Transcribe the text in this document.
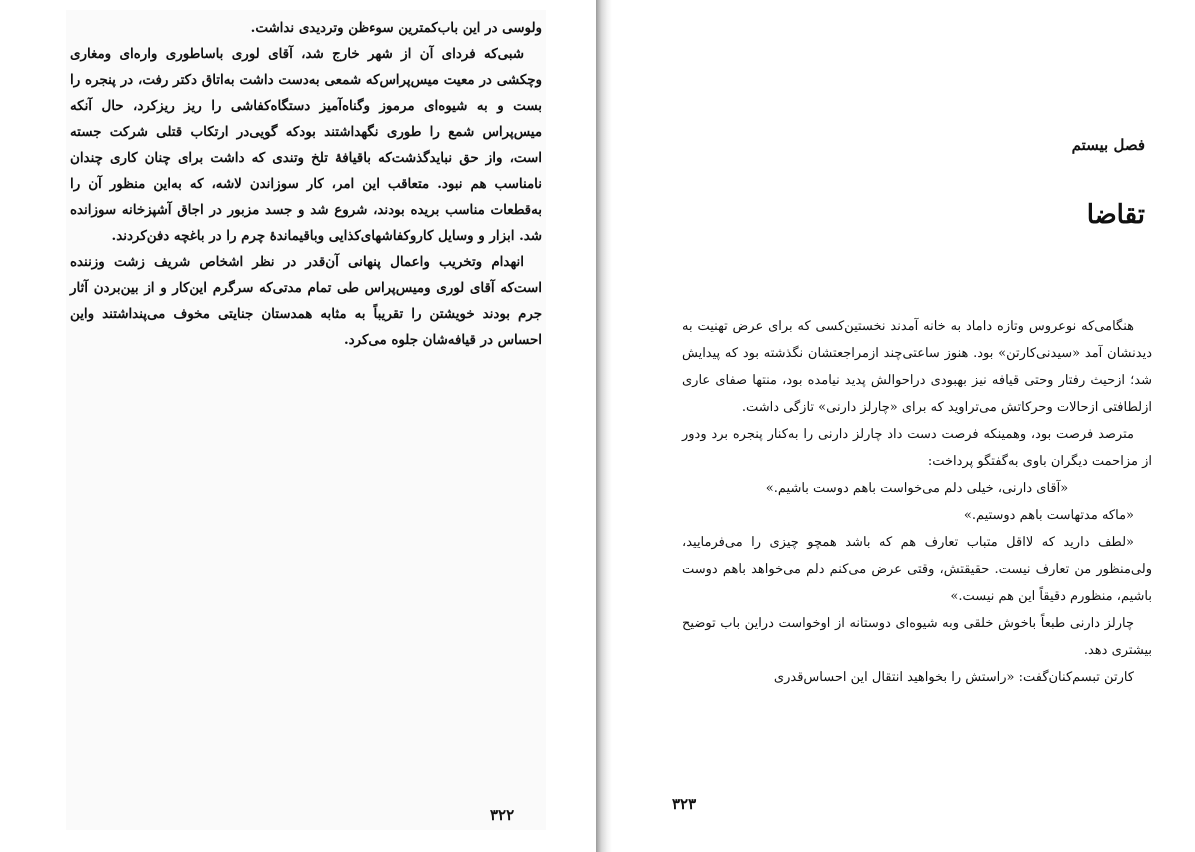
ولوسی در این باب‌کمترین سوءظن وتردیدی نداشت.

شبی‌که فردای آن از شهر خارج شد، آقای لوری باساطوری واره‌ای ومغاری وچکشی در معیت میس‌پراس‌که شمعی به‌دست داشت به‌اتاق دکتر رفت، در پنجره را بست و به شیوه‌ای مرموز وگناه‌آمیز دستگاه‌کفاشی را ریز ریزکرد، حال آنکه میس‌پراس شمع را طوری نگهداشتند بودکه گویی‌در ارتکاب قتلی شرکت جسته است، واز حق نباید‌گذشت‌که باقیافهٔ تلخ وتندی که داشت برای چنان کاری چندان نامناسب هم نبود. متعاقب این امر، کار سوزاندن لاشه، که به‌این منظور آن را به‌قطعات مناسب بریده بودند، شروع شد و جسد مزبور در اجاق آشپزخانه سوزانده شد. ابزار و وسایل کاروکفاشهای‌کذایی وباقیماندهٔ چرم را در باغچه دفن‌کردند.

انهدام وتخریب واعمال پنهانی آن‌قدر در نظر اشخاص شریف زشت وزننده است‌که آقای لوری ومیس‌پراس طی تمام مدتی‌که سرگرم این‌کار و از بین‌بردن آثار جرم بودند خویشتن را تقریباً به مثابه همدستان جنایتی مخوف می‌پنداشتند واین احساس در قیافه‌شان جلوه می‌کرد.

۳۲۲
فصل بیستم
تقاضا

هنگامی‌که نوعروس وتازه داماد به خانه آمدند نخستین‌کسی که برای عرض تهنیت به دیدنشان آمد «سیدنی‌کارتن» بود. هنوز ساعتی‌چند ازمراجعتشان نگذشته بود که پیدایش شد؛ ازحیث رفتار وحتی قیافه نیز بهبودی دراحوالش پدید نیامده بود، منتها صفای عاری ازلطافتی ازحالات وحرکاتش می‌تراوید که برای «چارلز دارنی» تازگی داشت.

مترصد فرصت بود، وهمینکه فرصت دست داد چارلز دارنی را به‌کنار پنجره برد ودور از مزاحمت دیگران باوی به‌گفتگو پرداخت:

«آقای دارنی، خیلی دلم می‌خواست باهم دوست باشیم.»

«ماکه مدتهاست باهم دوستیم.»

«لطف دارید که لااقل متباب تعارف هم که باشد همچو چیزی را می‌فرمایید، ولی‌منظور من تعارف نیست. حقیقتش، وقتی عرض می‌کنم دلم می‌خواهد باهم دوست باشیم، منظورم دقیقاً این هم نیست.»

چارلز دارنی طبعاً باخوش خلقی وبه شیوه‌ای دوستانه از اوخواست دراین باب توضیح بیشتری دهد.

کارتن تبسم‌کنان‌گفت: «راستش را بخواهید انتقال این احساس‌قدری

۳۲۳
